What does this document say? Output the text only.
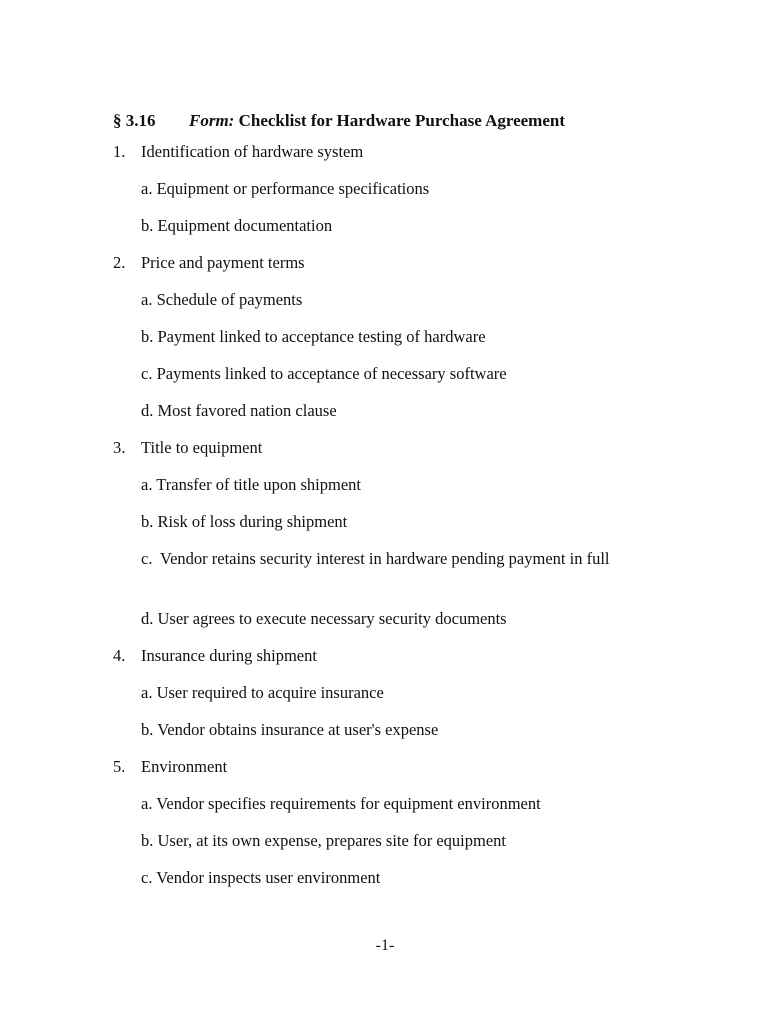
§ 3.16 Form: Checklist for Hardware Purchase Agreement
1. Identification of hardware system
a. Equipment or performance specifications
b. Equipment documentation
2. Price and payment terms
a. Schedule of payments
b. Payment linked to acceptance testing of hardware
c. Payments linked to acceptance of necessary software
d. Most favored nation clause
3. Title to equipment
a. Transfer of title upon shipment
b. Risk of loss during shipment
c. Vendor retains security interest in hardware pending payment in full
d. User agrees to execute necessary security documents
4. Insurance during shipment
a. User required to acquire insurance
b. Vendor obtains insurance at user's expense
5. Environment
a. Vendor specifies requirements for equipment environment
b. User, at its own expense, prepares site for equipment
c. Vendor inspects user environment
-1-
